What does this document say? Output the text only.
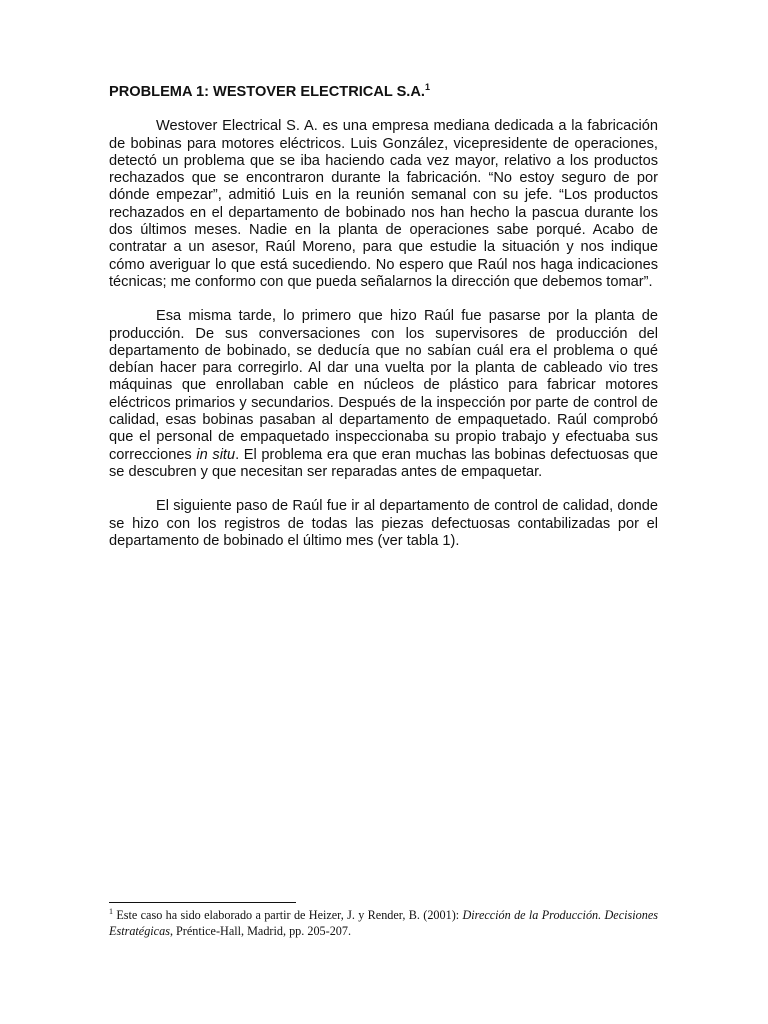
PROBLEMA 1: WESTOVER ELECTRICAL S.A.$^1$

Westover Electrical S. A. es una empresa mediana dedicada a la fabricación de bobinas para motores eléctricos. Luis González, vicepresidente de operaciones, detectó un problema que se iba haciendo cada vez mayor, relativo a los productos rechazados que se encontraron durante la fabricación. “No estoy seguro de por dónde empezar”, admitió Luis en la reunión semanal con su jefe. “Los productos rechazados en el departamento de bobinado nos han hecho la pascua durante los dos últimos meses. Nadie en la planta de operaciones sabe porqué. Acabo de contratar a un asesor, Raúl Moreno, para que estudie la situación y nos indique cómo averiguar lo que está sucediendo. No espero que Raúl nos haga indicaciones técnicas; me conformo con que pueda señalarnos la dirección que debemos tomar”.

Esa misma tarde, lo primero que hizo Raúl fue pasarse por la planta de producción. De sus conversaciones con los supervisores de producción del departamento de bobinado, se deducía que no sabían cuál era el problema o qué debían hacer para corregirlo. Al dar una vuelta por la planta de cableado vio tres máquinas que enrollaban cable en núcleos de plástico para fabricar motores eléctricos primarios y secundarios. Después de la inspección por parte de control de calidad, esas bobinas pasaban al departamento de empaquetado. Raúl comprobó que el personal de empaquetado inspeccionaba su propio trabajo y efectuaba sus correcciones in situ. El problema era que eran muchas las bobinas defectuosas que se descubren y que necesitan ser reparadas antes de empaquetar.

El siguiente paso de Raúl fue ir al departamento de control de calidad, donde se hizo con los registros de todas las piezas defectuosas contabilizadas por el departamento de bobinado el último mes (ver tabla 1).

$^1$ Este caso ha sido elaborado a partir de Heizer, J. y Render, B. (2001): Dirección de la Producción. Decisiones Estratégicas, Préntice-Hall, Madrid, pp. 205-207.
